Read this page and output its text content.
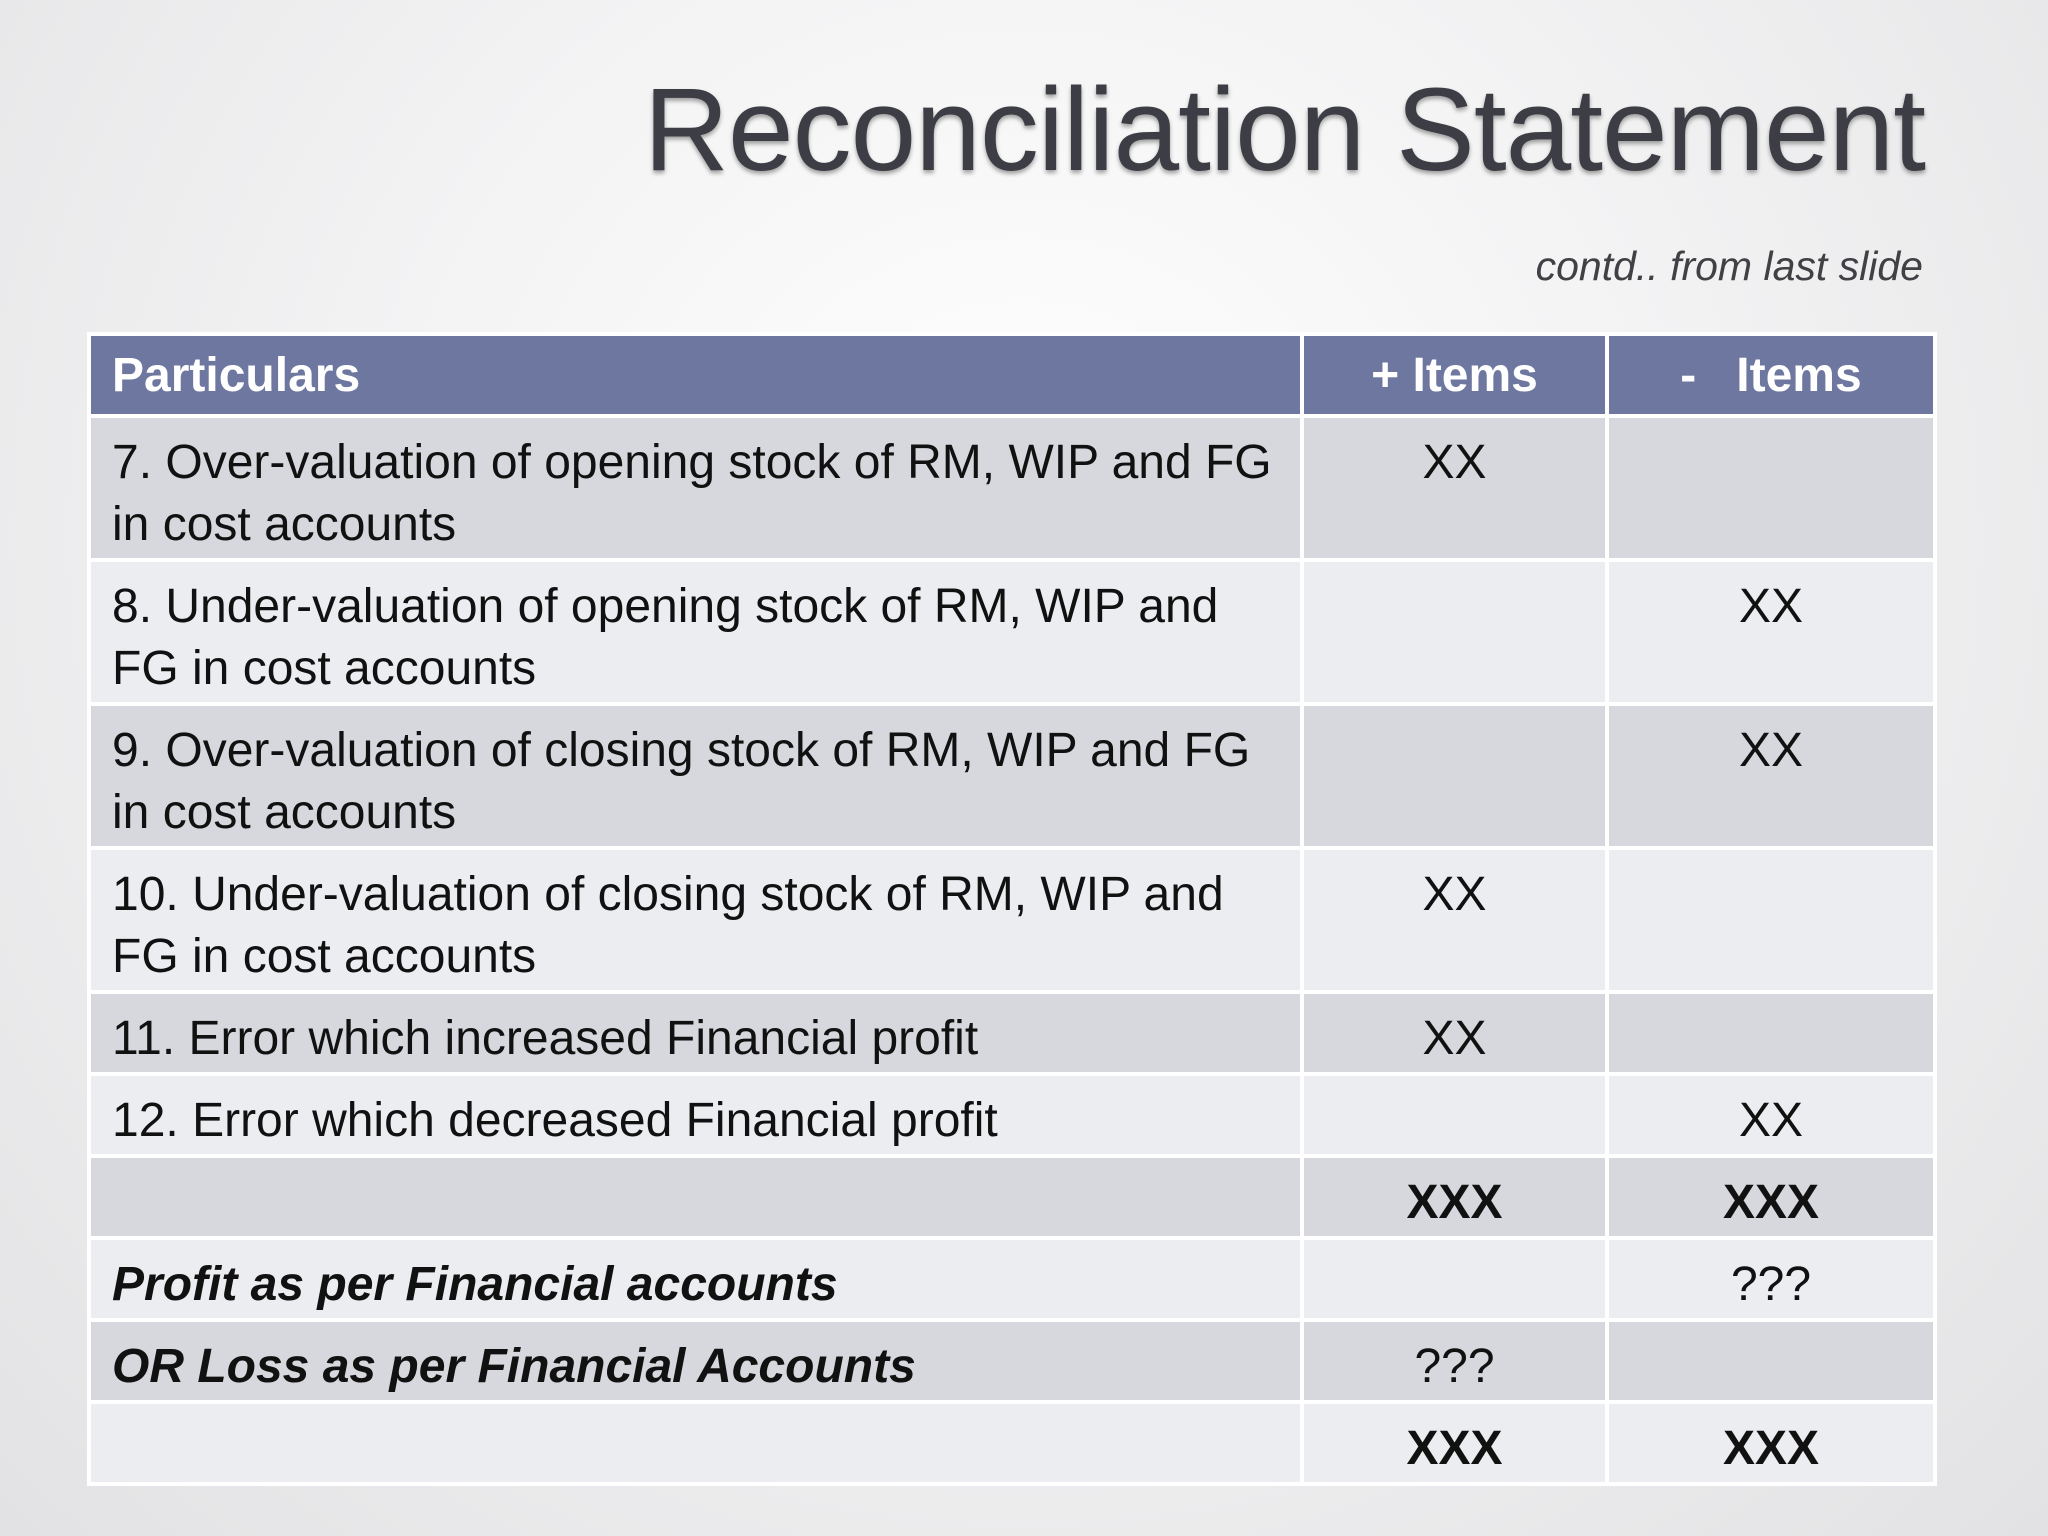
Reconciliation Statement
contd.. from last slide
Particulars	+ Items	-   Items

7. Over-valuation of opening stock of RM, WIP and FG in cost accounts	XX	

8. Under-valuation of opening stock of RM, WIP and FG in cost accounts		XX

9. Over-valuation of closing stock of RM, WIP and FG in cost accounts		XX

10. Under-valuation of closing stock of RM, WIP and FG in cost accounts	XX	

11. Error which increased Financial profit	XX	

12. Error which decreased Financial profit		XX

	XXX	XXX

Profit as per Financial accounts		???

OR Loss as per Financial Accounts	???	

	XXX	XXX
